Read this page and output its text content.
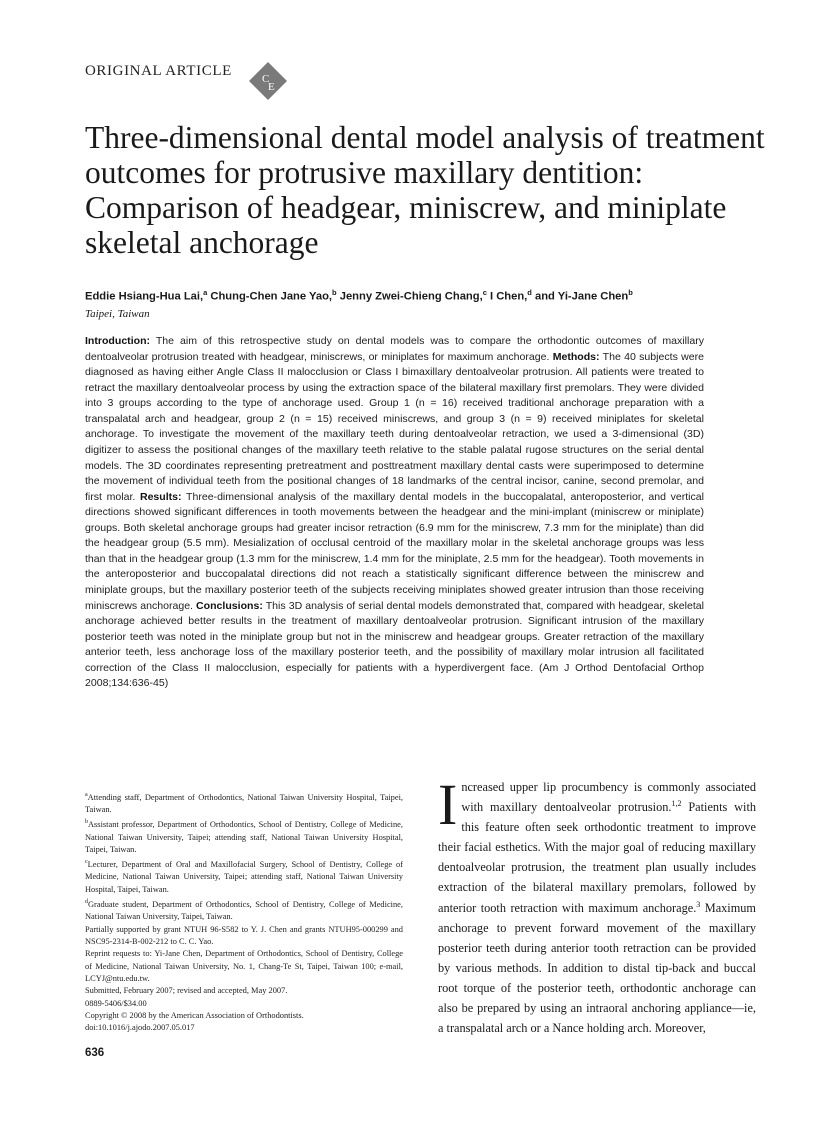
ORIGINAL ARTICLE	C
E
Three-dimensional dental model analysis of treatment outcomes for protrusive maxillary dentition: Comparison of headgear, miniscrew, and miniplate skeletal anchorage
Eddie Hsiang-Hua Lai,$^a$ Chung-Chen Jane Yao,$^b$ Jenny Zwei-Chieng Chang,$^c$ I Chen,$^d$ and Yi-Jane Chen$^b$
Taipei, Taiwan

Introduction: The aim of this retrospective study on dental models was to compare the orthodontic outcomes of maxillary dentoalveolar protrusion treated with headgear, miniscrews, or miniplates for maximum anchorage. Methods: The 40 subjects were diagnosed as having either Angle Class II malocclusion or Class I bimaxillary dentoalveolar protrusion. All patients were treated to retract the maxillary dentoalveolar process by using the extraction space of the bilateral maxillary first premolars. They were divided into 3 groups according to the type of anchorage used. Group 1 (n = 16) received traditional anchorage preparation with a transpalatal arch and headgear, group 2 (n = 15) received miniscrews, and group 3 (n = 9) received miniplates for skeletal anchorage. To investigate the movement of the maxillary teeth during dentoalveolar retraction, we used a 3-dimensional (3D) digitizer to assess the positional changes of the maxillary teeth relative to the stable palatal rugose structures on the serial dental models. The 3D coordinates representing pretreatment and posttreatment maxillary dental casts were superimposed to determine the movement of individual teeth from the positional changes of 18 landmarks of the central incisor, canine, second premolar, and first molar. Results: Three-dimensional analysis of the maxillary dental models in the buccopalatal, anteroposterior, and vertical directions showed significant differences in tooth movements between the headgear and the mini-implant (miniscrew or miniplate) groups. Both skeletal anchorage groups had greater incisor retraction (6.9 mm for the miniscrew, 7.3 mm for the miniplate) than did the headgear group (5.5 mm). Mesialization of occlusal centroid of the maxillary molar in the skeletal anchorage groups was less than that in the headgear group (1.3 mm for the miniscrew, 1.4 mm for the miniplate, 2.5 mm for the headgear). Tooth movements in the anteroposterior and buccopalatal directions did not reach a statistically significant difference between the miniscrew and miniplate groups, but the maxillary posterior teeth of the subjects receiving miniplates showed greater intrusion than those receiving miniscrews anchorage. Conclusions: This 3D analysis of serial dental models demonstrated that, compared with headgear, skeletal anchorage achieved better results in the treatment of maxillary dentoalveolar protrusion. Significant intrusion of the maxillary posterior teeth was noted in the miniplate group but not in the miniscrew and headgear groups. Greater retraction of the maxillary anterior teeth, less anchorage loss of the maxillary posterior teeth, and the possibility of maxillary molar intrusion all facilitated correction of the Class II malocclusion, especially for patients with a hyperdivergent face. (Am J Orthod Dentofacial Orthop 2008;134:636-45)

$^a$Attending staff, Department of Orthodontics, National Taiwan University Hospital, Taipei, Taiwan.

$^b$Assistant professor, Department of Orthodontics, School of Dentistry, College of Medicine, National Taiwan University, Taipei; attending staff, National Taiwan University Hospital, Taipei, Taiwan.

$^c$Lecturer, Department of Oral and Maxillofacial Surgery, School of Dentistry, College of Medicine, National Taiwan University, Taipei; attending staff, National Taiwan University Hospital, Taipei, Taiwan.

$^d$Graduate student, Department of Orthodontics, School of Dentistry, College of Medicine, National Taiwan University, Taipei, Taiwan.

Partially supported by grant NTUH 96-S582 to Y. J. Chen and grants NTUH95-000299 and NSC95-2314-B-002-212 to C. C. Yao.

Reprint requests to: Yi-Jane Chen, Department of Orthodontics, School of Dentistry, College of Medicine, National Taiwan University, No. 1, Chang-Te St, Taipei, Taiwan 100; e-mail, LCYJ@ntu.edu.tw.

Submitted, February 2007; revised and accepted, May 2007.

0889-5406/$34.00

Copyright © 2008 by the American Association of Orthodontists.

doi:10.1016/j.ajodo.2007.05.017

Increased upper lip procumbency is commonly associated with maxillary dentoalveolar protrusion.$^{1,2}$ Patients with this feature often seek orthodontic treatment to improve their facial esthetics. With the major goal of reducing maxillary dentoalveolar protrusion, the treatment plan usually includes extraction of the bilateral maxillary premolars, followed by anterior tooth retraction with maximum anchorage.$^3$ Maximum anchorage to prevent forward movement of the maxillary posterior teeth during anterior tooth retraction can be provided by various methods. In addition to distal tip-back and buccal root torque of the posterior teeth, orthodontic anchorage can also be prepared by using an intraoral anchoring appliance—ie, a transpalatal arch or a Nance holding arch. Moreover,

636
